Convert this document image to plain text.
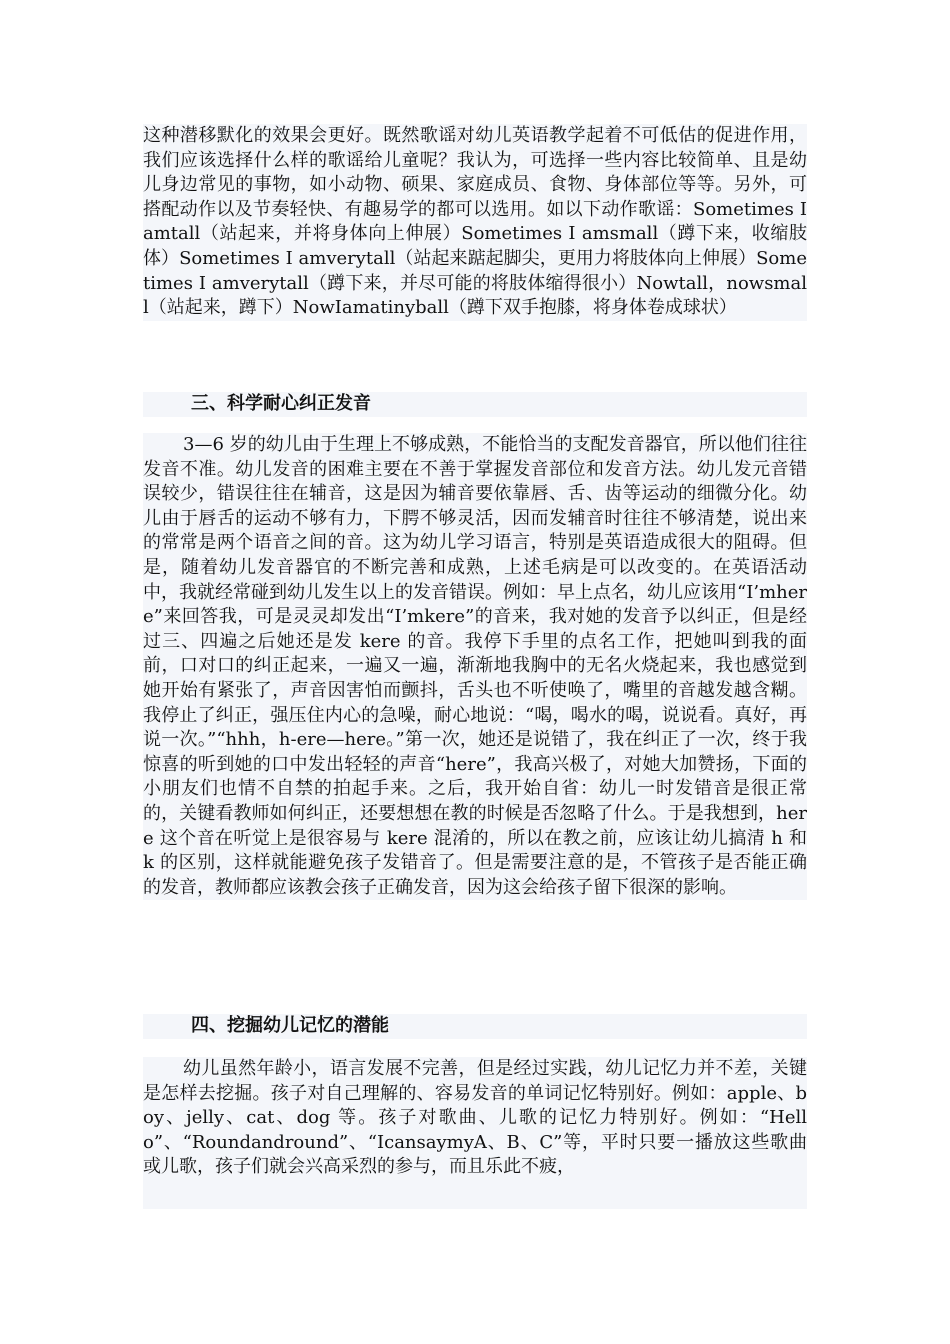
这种潜移默化的效果会更好。既然歌谣对幼儿英语教学起着不可低估的促进作用，我们应该选择什么样的歌谣给儿童呢？我认为，可选择一些内容比较简单、且是幼儿身边常见的事物，如小动物、硕果、家庭成员、食物、身体部位等等。另外，可搭配动作以及节奏轻快、有趣易学的都可以选用。如以下动作歌谣：Sometimes I amtall（站起来，并将身体向上伸展）Sometimes I amsmall（蹲下来，收缩肢体）Sometimes I amverytall（站起来踮起脚尖，更用力将肢体向上伸展）Sometimes I amverytall（蹲下来，并尽可能的将肢体缩得很小）Nowtall，nowsmall（站起来，蹲下）NowIamatinyball（蹲下双手抱膝，将身体卷成球状）

三、科学耐心纠正发音

3—6 岁的幼儿由于生理上不够成熟，不能恰当的支配发音器官，所以他们往往发音不准。幼儿发音的困难主要在不善于掌握发音部位和发音方法。幼儿发元音错误较少，错误往往在辅音，这是因为辅音要依靠唇、舌、齿等运动的细微分化。幼儿由于唇舌的运动不够有力，下腭不够灵活，因而发辅音时往往不够清楚，说出来的常常是两个语音之间的音。这为幼儿学习语言，特别是英语造成很大的阻碍。但是，随着幼儿发音器官的不断完善和成熟，上述毛病是可以改变的。在英语活动中，我就经常碰到幼儿发生以上的发音错误。例如：早上点名，幼儿应该用“I’mhere”来回答我，可是灵灵却发出“I’mkere”的音来，我对她的发音予以纠正，但是经过三、四遍之后她还是发 kere 的音。我停下手里的点名工作，把她叫到我的面前，口对口的纠正起来，一遍又一遍，渐渐地我胸中的无名火烧起来，我也感觉到她开始有紧张了，声音因害怕而颤抖，舌头也不听使唤了，嘴里的音越发越含糊。我停止了纠正，强压住内心的急噪，耐心地说：“喝，喝水的喝，说说看。真好，再说一次。”“hhh，h-ere—here。”第一次，她还是说错了，我在纠正了一次，终于我惊喜的听到她的口中发出轻轻的声音“here”，我高兴极了，对她大加赞扬，下面的小朋友们也情不自禁的拍起手来。之后，我开始自省：幼儿一时发错音是很正常的，关键看教师如何纠正，还要想想在教的时候是否忽略了什么。于是我想到，here 这个音在听觉上是很容易与 kere 混淆的，所以在教之前，应该让幼儿搞清 h 和 k 的区别，这样就能避免孩子发错音了。但是需要注意的是，不管孩子是否能正确的发音，教师都应该教会孩子正确发音，因为这会给孩子留下很深的影响。

四、挖掘幼儿记忆的潜能

幼儿虽然年龄小，语言发展不完善，但是经过实践，幼儿记忆力并不差，关键是怎样去挖掘。孩子对自己理解的、容易发音的单词记忆特别好。例如：apple、boy、jelly、cat、dog 等。孩子对歌曲、儿歌的记忆力特别好。例如：“Hello”、“Roundandround”、“IcansaymyA、B、C”等，平时只要一播放这些歌曲或儿歌，孩子们就会兴高采烈的参与，而且乐此不疲，
